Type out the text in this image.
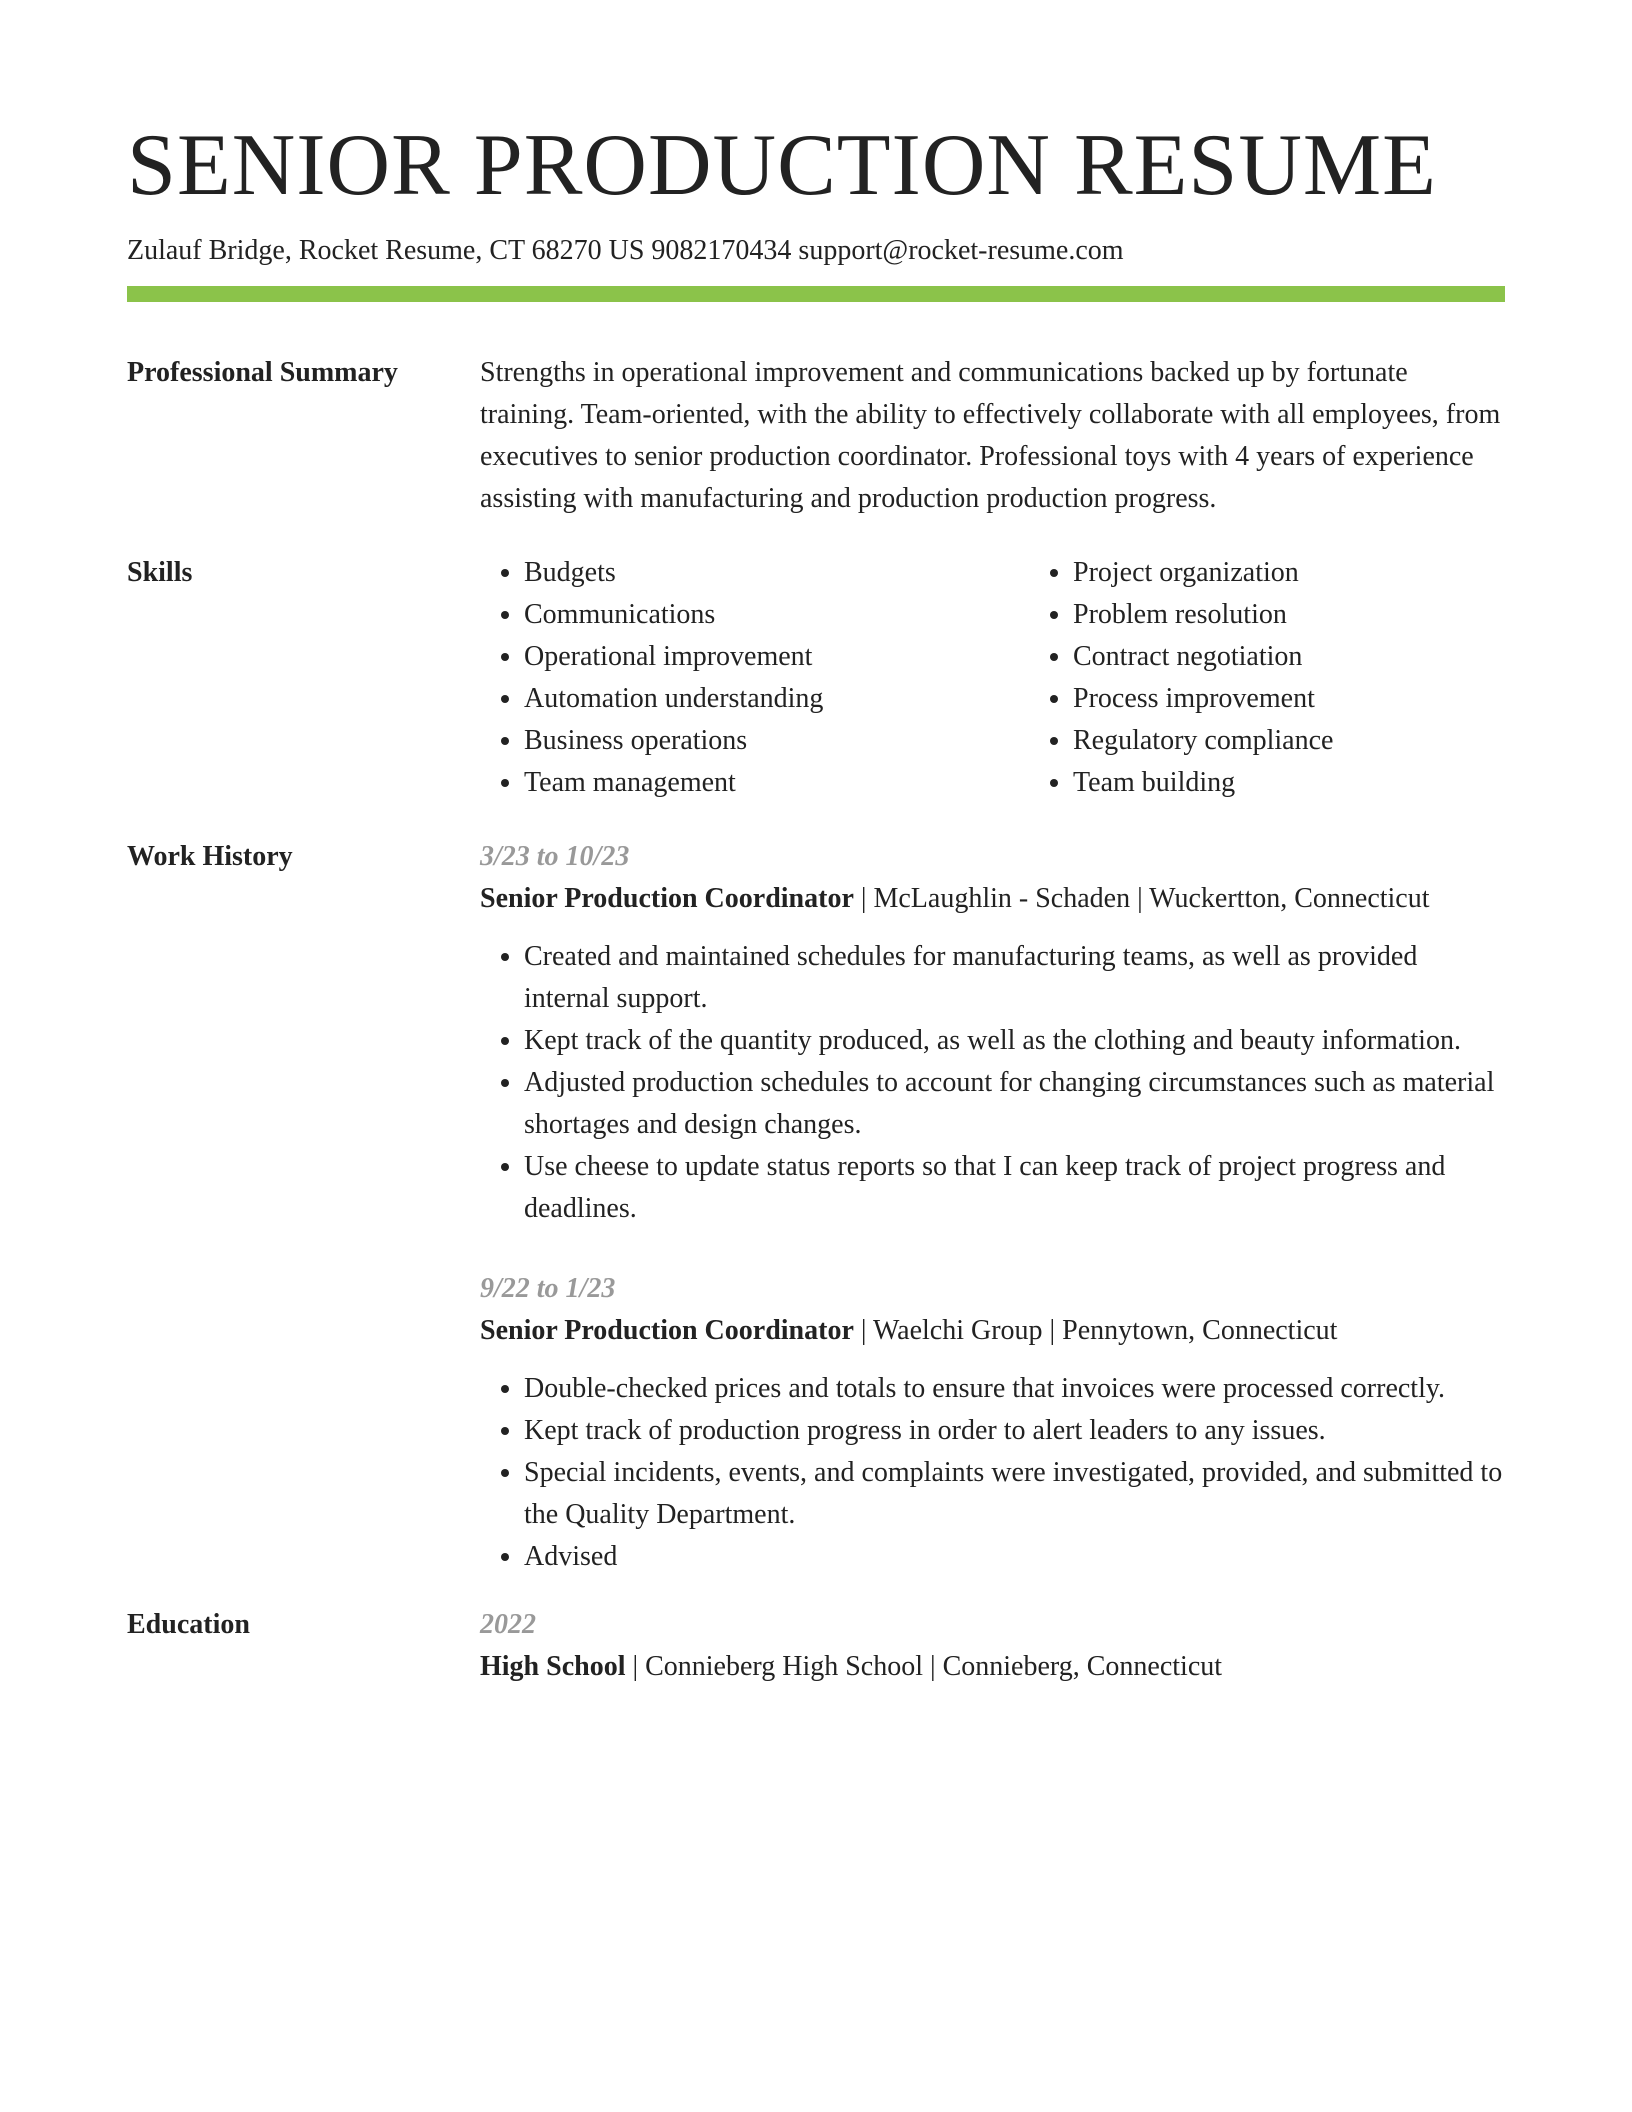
SENIOR PRODUCTION RESUME
Zulauf Bridge, Rocket Resume, CT 68270 US 9082170434 support@rocket-resume.com
Professional Summary	Strengths in operational improvement and communications backed up by fortunate training. Team-oriented, with the ability to effectively collaborate with all employees, from executives to senior production coordinator. Professional toys with 4 years of experience assisting with manufacturing and production production progress.
Skills
•	Budgets
• Communications
• Operational improvement
• Automation understanding
• Business operations
• Team management
• Project organization
• Problem resolution
• Contract negotiation
• Process improvement
• Regulatory compliance
• Team building
Work History	3/23 to 10/23
Senior Production Coordinator | McLaughlin - Schaden | Wuckertton, Connecticut
• Created and maintained schedules for manufacturing teams, as well as provided internal support.
• Kept track of the quantity produced, as well as the clothing and beauty information.
• Adjusted production schedules to account for changing circumstances such as material shortages and design changes.
• Use cheese to update status reports so that I can keep track of project progress and deadlines.
9/22 to 1/23
Senior Production Coordinator | Waelchi Group | Pennytown, Connecticut
• Double-checked prices and totals to ensure that invoices were processed correctly.
• Kept track of production progress in order to alert leaders to any issues.
• Special incidents, events, and complaints were investigated, provided, and submitted to the Quality Department.
• Advised
Education	2022
High School | Connieberg High School | Connieberg, Connecticut
